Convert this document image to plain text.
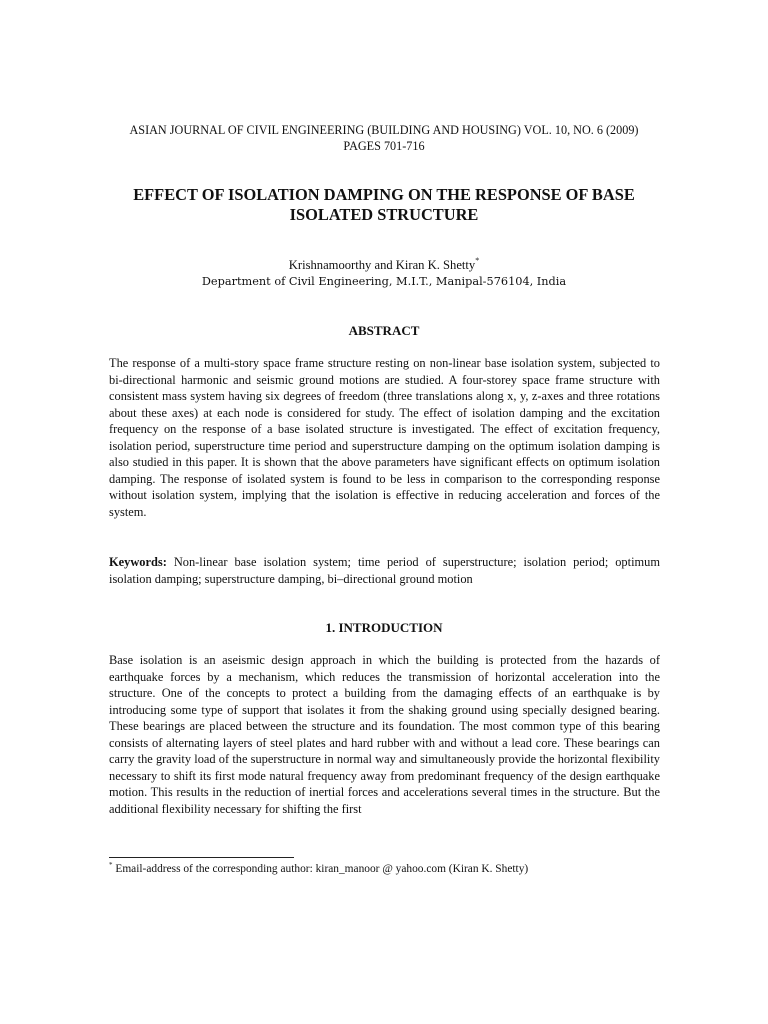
ASIAN JOURNAL OF CIVIL ENGINEERING (BUILDING AND HOUSING) VOL. 10, NO. 6 (2009)
PAGES 701-716
EFFECT OF ISOLATION DAMPING ON THE RESPONSE OF BASE
ISOLATED STRUCTURE
Krishnamoorthy and Kiran K. Shetty*
Department of Civil Engineering, M.I.T., Manipal-576104, India
ABSTRACT
The response of a multi-story space frame structure resting on non-linear base isolation system, subjected to bi-directional harmonic and seismic ground motions are studied. A four-storey space frame structure with consistent mass system having six degrees of freedom (three translations along x, y, z-axes and three rotations about these axes) at each node is considered for study. The effect of isolation damping and the excitation frequency on the response of a base isolated structure is investigated. The effect of excitation frequency, isolation period, superstructure time period and superstructure damping on the optimum isolation damping is also studied in this paper. It is shown that the above parameters have significant effects on optimum isolation damping. The response of isolated system is found to be less in comparison to the corresponding response without isolation system, implying that the isolation is effective in reducing acceleration and forces of the system.
Keywords: Non-linear base isolation system; time period of superstructure; isolation period; optimum isolation damping; superstructure damping, bi–directional ground motion
1. INTRODUCTION
Base isolation is an aseismic design approach in which the building is protected from the hazards of earthquake forces by a mechanism, which reduces the transmission of horizontal acceleration into the structure. One of the concepts to protect a building from the damaging effects of an earthquake is by introducing some type of support that isolates it from the shaking ground using specially designed bearing. These bearings are placed between the structure and its foundation. The most common type of this bearing consists of alternating layers of steel plates and hard rubber with and without a lead core. These bearings can carry the gravity load of the superstructure in normal way and simultaneously provide the horizontal flexibility necessary to shift its first mode natural frequency away from predominant frequency of the design earthquake motion. This results in the reduction of inertial forces and accelerations several times in the structure. But the additional flexibility necessary for shifting the first
* Email-address of the corresponding author: kiran_manoor @ yahoo.com (Kiran K. Shetty)
